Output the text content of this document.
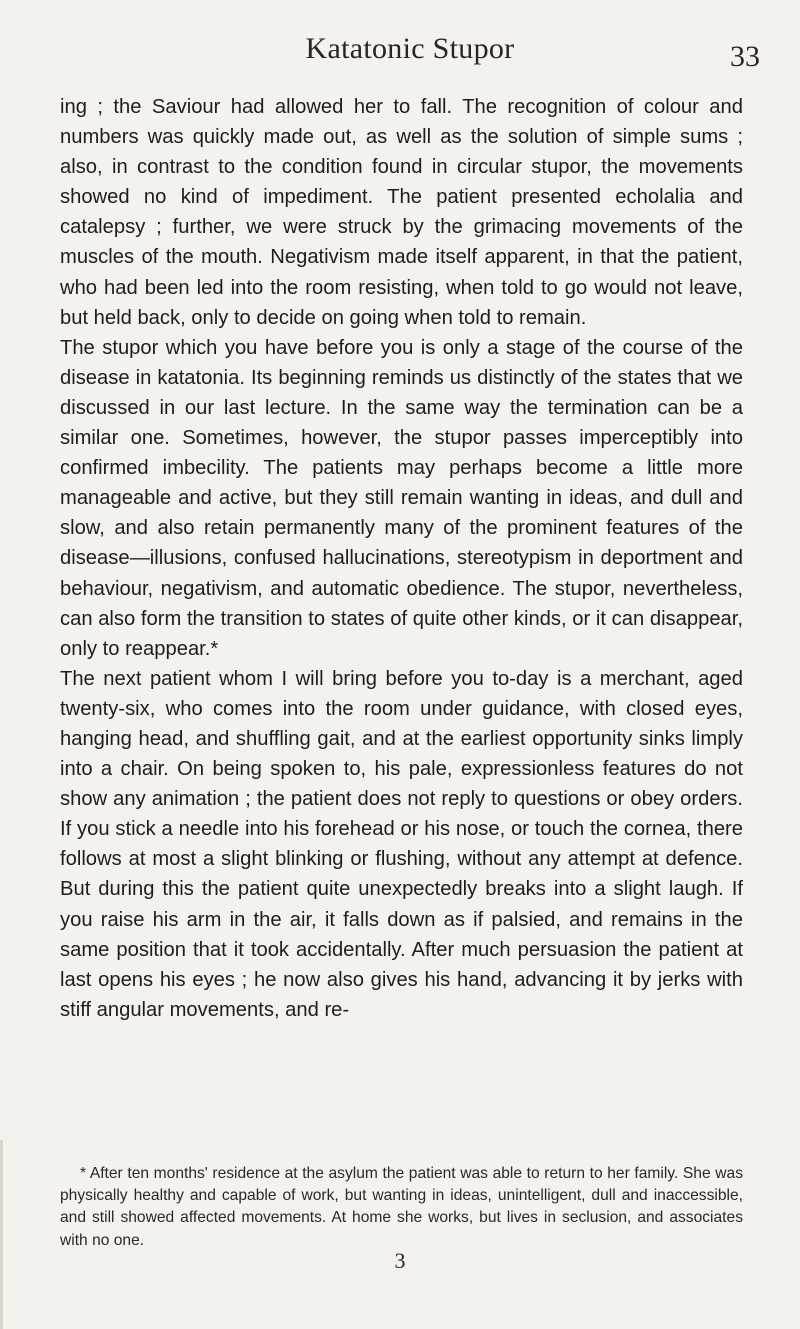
Katatonic Stupor	33

ing ; the Saviour had allowed her to fall. The recognition of colour and numbers was quickly made out, as well as the solution of simple sums ; also, in contrast to the condition found in circular stupor, the movements showed no kind of impediment. The patient presented echolalia and catalepsy ; further, we were struck by the grimacing movements of the muscles of the mouth. Negativism made itself apparent, in that the patient, who had been led into the room resisting, when told to go would not leave, but held back, only to decide on going when told to remain.

The stupor which you have before you is only a stage of the course of the disease in katatonia. Its beginning reminds us distinctly of the states that we discussed in our last lecture. In the same way the termination can be a similar one. Sometimes, however, the stupor passes imperceptibly into confirmed imbecility. The patients may perhaps become a little more manageable and active, but they still remain wanting in ideas, and dull and slow, and also retain permanently many of the prominent features of the disease—illusions, confused hallucinations, stereotypism in deportment and behaviour, negativism, and automatic obedience. The stupor, nevertheless, can also form the transition to states of quite other kinds, or it can disappear, only to reappear.*

The next patient whom I will bring before you to-day is a merchant, aged twenty-six, who comes into the room under guidance, with closed eyes, hanging head, and shuffling gait, and at the earliest opportunity sinks limply into a chair. On being spoken to, his pale, expressionless features do not show any animation ; the patient does not reply to questions or obey orders. If you stick a needle into his forehead or his nose, or touch the cornea, there follows at most a slight blinking or flushing, without any attempt at defence. But during this the patient quite unexpectedly breaks into a slight laugh. If you raise his arm in the air, it falls down as if palsied, and remains in the same position that it took accidentally. After much persuasion the patient at last opens his eyes ; he now also gives his hand, advancing it by jerks with stiff angular movements, and re-

* After ten months' residence at the asylum the patient was able to return to her family. She was physically healthy and capable of work, but wanting in ideas, unintelligent, dull and inaccessible, and still showed affected movements. At home she works, but lives in seclusion, and associates with no one.

3
